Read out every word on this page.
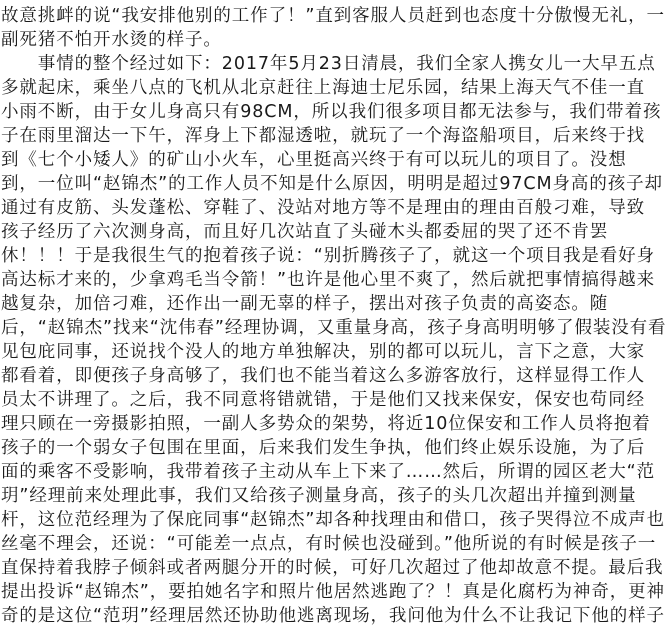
故意挑衅的说“我安排他别的工作了！”直到客服人员赶到也态度十分傲慢无礼，一
副死猪不怕开水烫的样子。
　　事情的整个经过如下：2017年5月23日清晨，我们全家人携女儿一大早五点
多就起床，乘坐八点的飞机从北京赶往上海迪士尼乐园，结果上海天气不佳一直
小雨不断，由于女儿身高只有98CM，所以我们很多项目都无法参与，我们带着孩
子在雨里溜达一下午，浑身上下都湿透啦，就玩了一个海盗船项目，后来终于找
到《七个小矮人》的矿山小火车，心里挺高兴终于有可以玩儿的项目了。没想
到，一位叫“赵锦杰”的工作人员不知是什么原因，明明是超过97CM身高的孩子却
通过有皮筋、头发蓬松、穿鞋了、没站对地方等不是理由的理由百般刁难，导致
孩子经历了六次测身高，而且好几次站直了头碰木头都委屈的哭了还不肯罢
休！！！于是我很生气的抱着孩子说：“别折腾孩子了，就这一个项目我是看好身
高达标才来的，少拿鸡毛当令箭！”也许是他心里不爽了，然后就把事情搞得越来
越复杂，加倍刁难，还作出一副无辜的样子，摆出对孩子负责的高姿态。随
后，“赵锦杰”找来“沈伟春”经理协调，又重量身高，孩子身高明明够了假装没有看
见包庇同事，还说找个没人的地方单独解决，别的都可以玩儿，言下之意，大家
都看着，即便孩子身高够了，我们也不能当着这么多游客放行，这样显得工作人
员太不讲理了。之后，我不同意将错就错，于是他们又找来保安，保安也苟同经
理只顾在一旁摄影拍照，一副人多势众的架势，将近10位保安和工作人员将抱着
孩子的一个弱女子包围在里面，后来我们发生争执，他们终止娱乐设施，为了后
面的乘客不受影响，我带着孩子主动从车上下来了……然后，所谓的园区老大“范
玥”经理前来处理此事，我们又给孩子测量身高，孩子的头几次超出并撞到测量
杆，这位范经理为了保庇同事“赵锦杰”却各种找理由和借口，孩子哭得泣不成声也
丝毫不理会，还说：“可能差一点点，有时候也没碰到。”他所说的有时候是孩子一
直保持着我脖子倾斜或者两腿分开的时候，可好几次超过了他却故意不提。最后我
提出投诉“赵锦杰”，要拍她名字和照片他居然逃跑了？！真是化腐朽为神奇，更神
奇的是这位“范玥”经理居然还协助他逃离现场，我问他为什么不让我记下他的样子
